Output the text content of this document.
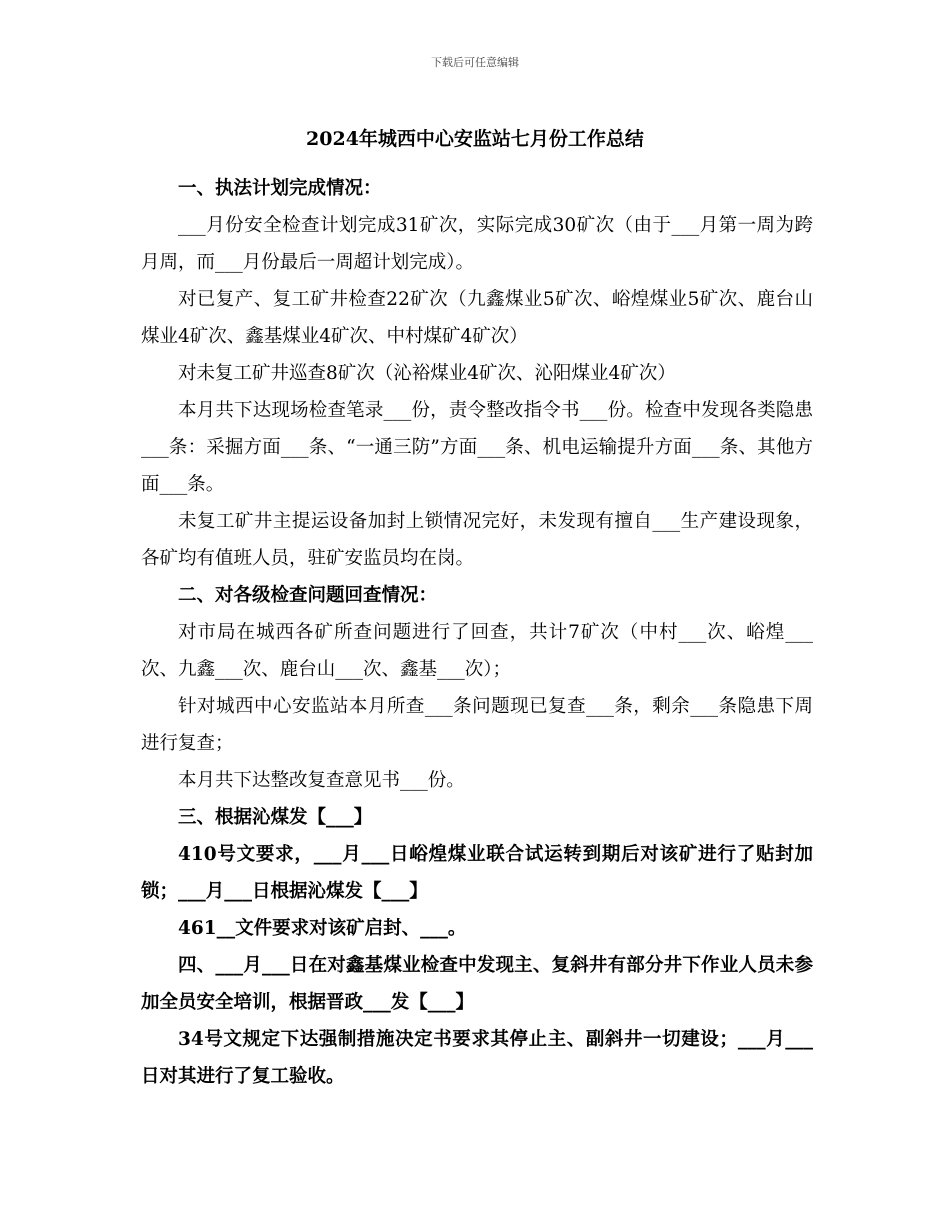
下载后可任意编辑
2024年城西中心安监站七月份工作总结

一、执法计划完成情况：

___月份安全检查计划完成31矿次，实际完成30矿次（由于___月第一周为跨月周，而___月份最后一周超计划完成）。

对已复产、复工矿井检查22矿次（九鑫煤业5矿次、峪煌煤业5矿次、鹿台山煤业4矿次、鑫基煤业4矿次、中村煤矿4矿次）

对未复工矿井巡查8矿次（沁裕煤业4矿次、沁阳煤业4矿次）

本月共下达现场检查笔录___份，责令整改指令书___份。检查中发现各类隐患___条：采掘方面___条、“一通三防”方面___条、机电运输提升方面___条、其他方面___条。

未复工矿井主提运设备加封上锁情况完好，未发现有擅自___生产建设现象，各矿均有值班人员，驻矿安监员均在岗。

二、对各级检查问题回查情况：

对市局在城西各矿所查问题进行了回查，共计7矿次（中村___次、峪煌___次、九鑫___次、鹿台山___次、鑫基___次）；

针对城西中心安监站本月所查___条问题现已复查___条，剩余___条隐患下周进行复查；

本月共下达整改复查意见书___份。

三、根据沁煤发【___】

410号文要求，___月___日峪煌煤业联合试运转到期后对该矿进行了贴封加锁；___月___日根据沁煤发【___】

461__文件要求对该矿启封、___。

四、___月___日在对鑫基煤业检查中发现主、复斜井有部分井下作业人员未参加全员安全培训，根据晋政___发【___】

34号文规定下达强制措施决定书要求其停止主、副斜井一切建设；___月___日对其进行了复工验收。
